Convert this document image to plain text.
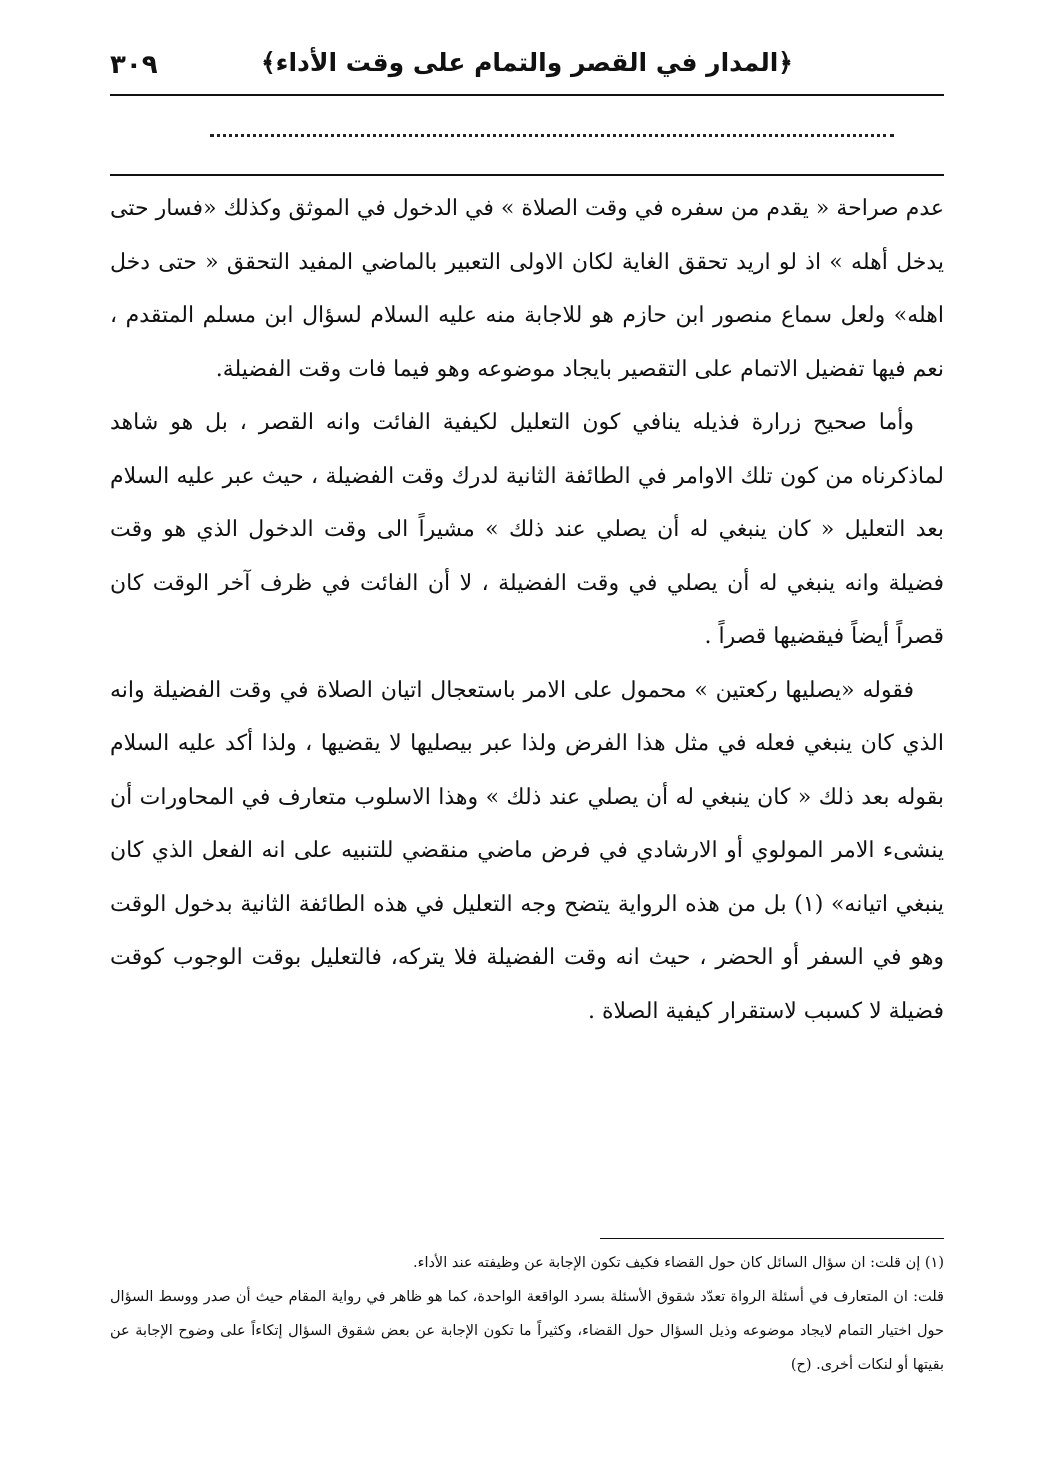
﴿المدار في القصر والتمام على وقت الأداء﴾
٣٠٩

عدم صراحة « يقدم من سفره في وقت الصلاة » في الدخول في الموثق وكذلك «فسار حتى يدخل أهله » اذ لو اريد تحقق الغاية لكان الاولى التعبير بالماضي المفيد التحقق « حتى دخل اهله» ولعل سماع منصور ابن حازم هو للاجابة منه عليه السلام لسؤال ابن مسلم المتقدم ، نعم فيها تفضيل الاتمام على التقصير بايجاد موضوعه وهو فيما فات وقت الفضيلة.

وأما صحيح زرارة فذيله ينافي كون التعليل لكيفية الفائت وانه القصر ، بل هو شاهد لماذكرناه من كون تلك الاوامر في الطائفة الثانية لدرك وقت الفضيلة ، حيث عبر عليه السلام بعد التعليل « كان ينبغي له أن يصلي عند ذلك » مشيراً الى وقت الدخول الذي هو وقت فضيلة وانه ينبغي له أن يصلي في وقت الفضيلة ، لا أن الفائت في ظرف آخر الوقت كان قصراً أيضاً فيقضيها قصراً .

فقوله «يصليها ركعتين » محمول على الامر باستعجال اتيان الصلاة في وقت الفضيلة وانه الذي كان ينبغي فعله في مثل هذا الفرض ولذا عبر بيصليها لا يقضيها ، ولذا أكد عليه السلام بقوله بعد ذلك « كان ينبغي له أن يصلي عند ذلك » وهذا الاسلوب متعارف في المحاورات أن ينشىء الامر المولوي أو الارشادي في فرض ماضي منقضي للتنبيه على انه الفعل الذي كان ينبغي اتيانه» (١) بل من هذه الرواية يتضح وجه التعليل في هذه الطائفة الثانية بدخول الوقت وهو في السفر أو الحضر ، حيث انه وقت الفضيلة فلا يتركه، فالتعليل بوقت الوجوب كوقت فضيلة لا كسبب لاستقرار كيفية الصلاة .

(١) إن قلت: ان سؤال السائل كان حول القضاء فكيف تكون الإجابة عن وظيفته عند الأداء.

قلت: ان المتعارف في أسئلة الرواة تعدّد شقوق الأسئلة بسرد الواقعة الواحدة، كما هو ظاهر في رواية المقام حيث أن صدر ووسط السؤال حول اختيار التمام لايجاد موضوعه وذيل السؤال حول القضاء، وكثيراً ما تكون الإجابة عن بعض شقوق السؤال إتكاءاً على وضوح الإجابة عن بقيتها أو لنكات أخرى. (ح)
